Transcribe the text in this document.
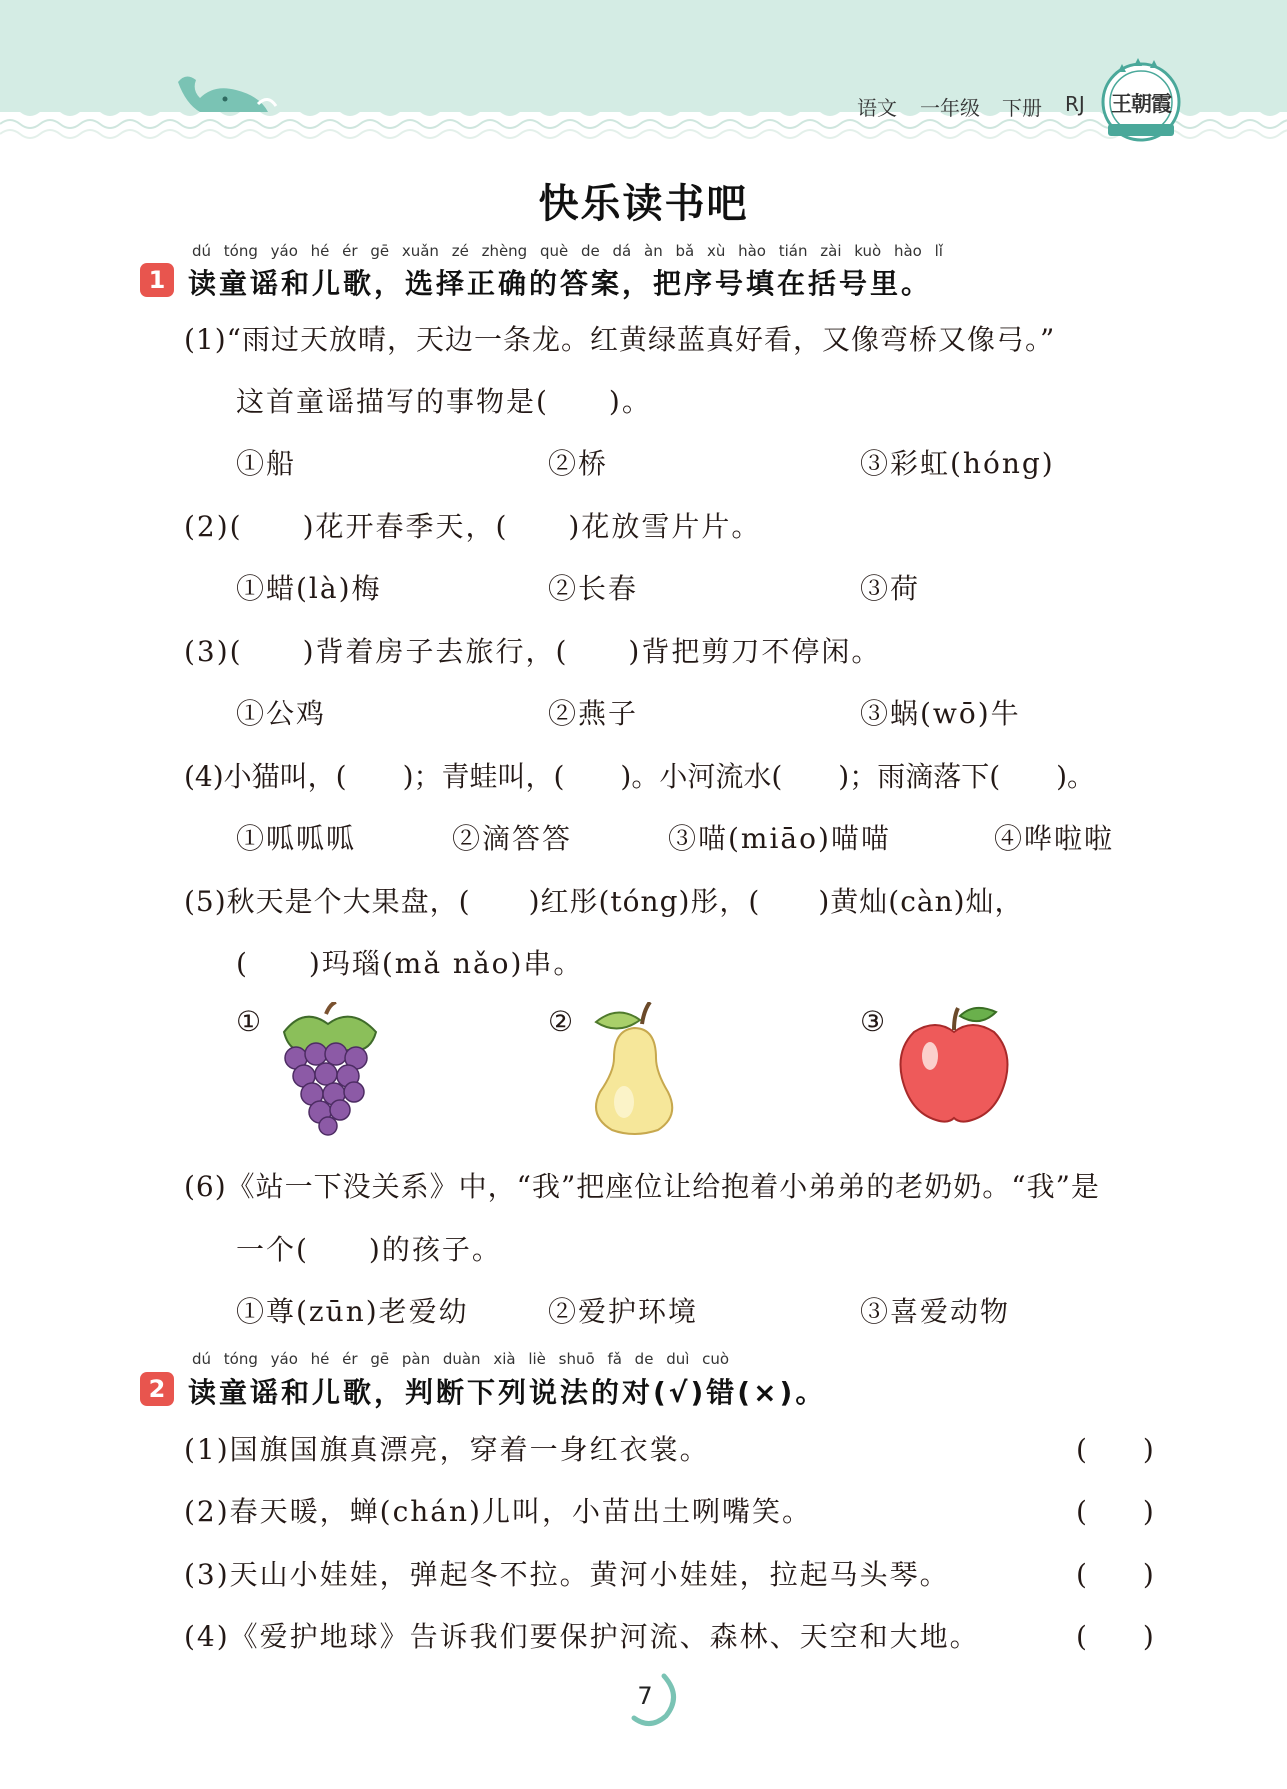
语文 一年级 下册 RJ 王朝霞
快乐读书吧
dú tóng yáo hé ér gē xuǎn zé zhèng què de dá àn bǎ xù hào tián zài kuò hào lǐ
1 读童谣和儿歌，选择正确的答案，把序号填在括号里。
(1)“雨过天放晴，天边一条龙。红黄绿蓝真好看，又像弯桥又像弓。”
这首童谣描写的事物是(　　)。
①船	②桥	③彩虹(hóng)
(2)(　　)花开春季天，(　　)花放雪片片。
①蜡(là)梅	②长春	③荷
(3)(　　)背着房子去旅行，(　　)背把剪刀不停闲。
①公鸡	②燕子	③蜗(wō)牛
(4)小猫叫，(　　)；青蛙叫，(　　)。小河流水(　　)；雨滴落下(　　)。
①呱呱呱	②滴答答	③喵(miāo)喵喵	④哗啦啦
(5)秋天是个大果盘，(　　)红彤(tóng)彤，(　　)黄灿(càn)灿，
(　　)玛瑙(mǎ nǎo)串。
①	②	③
(6)《站一下没关系》中，“我”把座位让给抱着小弟弟的老奶奶。“我”是
一个(　　)的孩子。
①尊(zūn)老爱幼	②爱护环境	③喜爱动物
dú tóng yáo hé ér gē pàn duàn xià liè shuō fǎ de duì cuò
2 读童谣和儿歌，判断下列说法的对(√)错(×)。
(1)国旗国旗真漂亮，穿着一身红衣裳。	(　　)
(2)春天暖，蝉(chán)儿叫，小苗出土咧嘴笑。	(　　)
(3)天山小娃娃，弹起冬不拉。黄河小娃娃，拉起马头琴。	(　　)
(4)《爱护地球》告诉我们要保护河流、森林、天空和大地。	(　　)
7
